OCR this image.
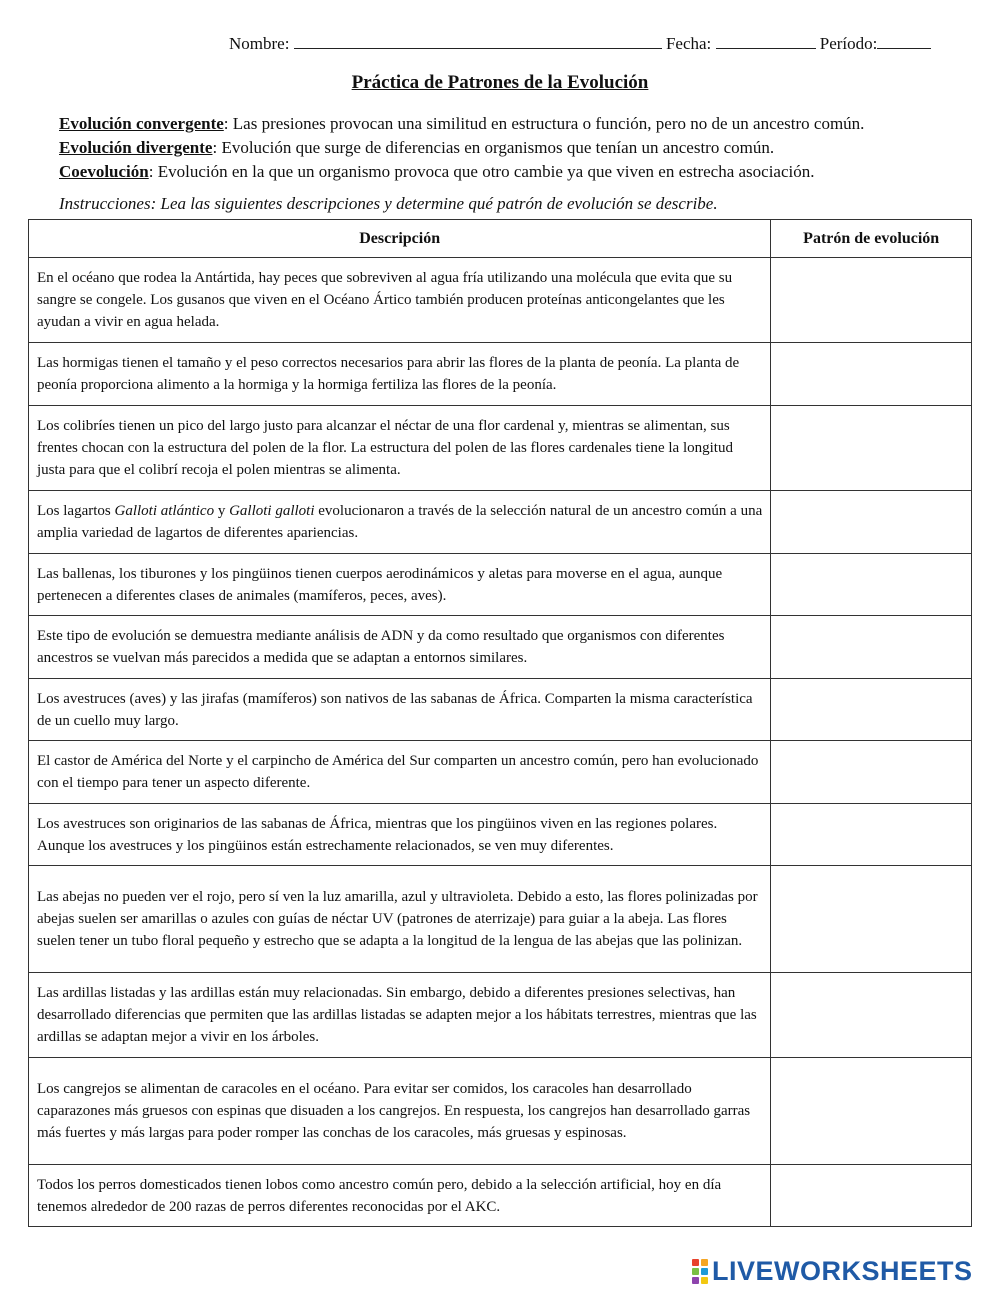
Nombre:	Fecha:	Período:
Práctica de Patrones de la Evolución
Evolución convergente: Las presiones provocan una similitud en estructura o función, pero no de un ancestro común.
Evolución divergente: Evolución que surge de diferencias en organismos que tenían un ancestro común.
Coevolución: Evolución en la que un organismo provoca que otro cambie ya que viven en estrecha asociación.
Instrucciones: Lea las siguientes descripciones y determine qué patrón de evolución se describe.
Descripción	Patrón de evolución
En el océano que rodea la Antártida, hay peces que sobreviven al agua fría utilizando una molécula que evita que su sangre se congele. Los gusanos que viven en el Océano Ártico también producen proteínas anticongelantes que les ayudan a vivir en agua helada.	
Las hormigas tienen el tamaño y el peso correctos necesarios para abrir las flores de la planta de peonía. La planta de peonía proporciona alimento a la hormiga y la hormiga fertiliza las flores de la peonía.	
Los colibríes tienen un pico del largo justo para alcanzar el néctar de una flor cardenal y, mientras se alimentan, sus frentes chocan con la estructura del polen de la flor. La estructura del polen de las flores cardenales tiene la longitud justa para que el colibrí recoja el polen mientras se alimenta.	
Los lagartos Galloti atlántico y Galloti galloti evolucionaron a través de la selección natural de un ancestro común a una amplia variedad de lagartos de diferentes apariencias.	
Las ballenas, los tiburones y los pingüinos tienen cuerpos aerodinámicos y aletas para moverse en el agua, aunque pertenecen a diferentes clases de animales (mamíferos, peces, aves).	
Este tipo de evolución se demuestra mediante análisis de ADN y da como resultado que organismos con diferentes ancestros se vuelvan más parecidos a medida que se adaptan a entornos similares.	
Los avestruces (aves) y las jirafas (mamíferos) son nativos de las sabanas de África. Comparten la misma característica de un cuello muy largo.	
El castor de América del Norte y el carpincho de América del Sur comparten un ancestro común, pero han evolucionado con el tiempo para tener un aspecto diferente.	
Los avestruces son originarios de las sabanas de África, mientras que los pingüinos viven en las regiones polares. Aunque los avestruces y los pingüinos están estrechamente relacionados, se ven muy diferentes.	
Las abejas no pueden ver el rojo, pero sí ven la luz amarilla, azul y ultravioleta. Debido a esto, las flores polinizadas por abejas suelen ser amarillas o azules con guías de néctar UV (patrones de aterrizaje) para guiar a la abeja. Las flores suelen tener un tubo floral pequeño y estrecho que se adapta a la longitud de la lengua de las abejas que las polinizan.	
Las ardillas listadas y las ardillas están muy relacionadas. Sin embargo, debido a diferentes presiones selectivas, han desarrollado diferencias que permiten que las ardillas listadas se adapten mejor a los hábitats terrestres, mientras que las ardillas se adaptan mejor a vivir en los árboles.	
Los cangrejos se alimentan de caracoles en el océano. Para evitar ser comidos, los caracoles han desarrollado caparazones más gruesos con espinas que disuaden a los cangrejos. En respuesta, los cangrejos han desarrollado garras más fuertes y más largas para poder romper las conchas de los caracoles, más gruesas y espinosas.	
Todos los perros domesticados tienen lobos como ancestro común pero, debido a la selección artificial, hoy en día tenemos alrededor de 200 razas de perros diferentes reconocidas por el AKC.	
LIVEWORKSHEETS
